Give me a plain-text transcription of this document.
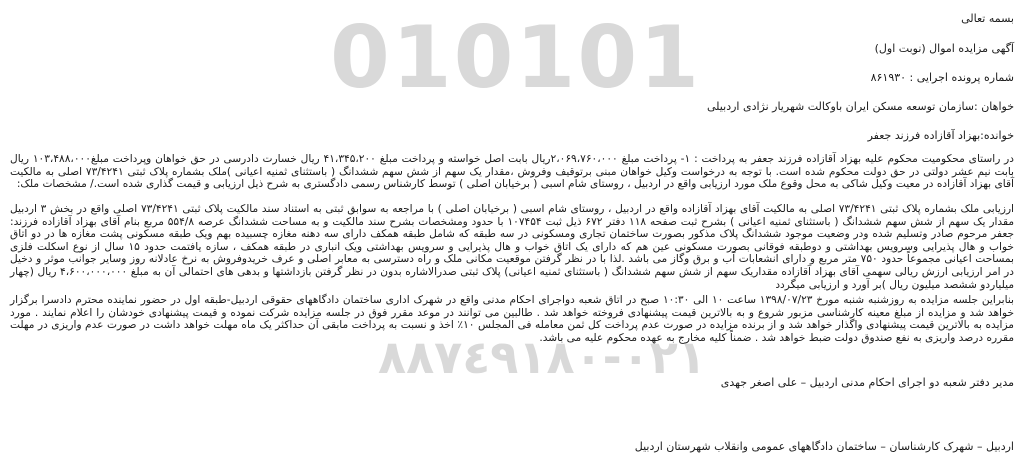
010101
٠٢١-٨٨٧٤٩١٨٠
بسمه تعالی
آگهی مزایده اموال (نوبت اول)
شماره پرونده اجرایی : ۸۶۱۹۳۰
خواهان :سازمان توسعه مسکن ایران باوکالت شهریار نژادی اردبیلی
خوانده:بهزاد آقازاده فرزند جعفر
در راستای محکومیت محکوم علیه بهزاد آقازاده فرزند جعفر به پرداخت : ۱- پرداخت مبلغ ۲،۰۶۹،۷۶۰،۰۰۰ریال بابت اصل خواسته و پرداخت مبلغ ۴۱،۳۴۵،۲۰۰ ریال خسارت دادرسی در حق خواهان وپرداخت مبلغ۱۰۳،۴۸۸،۰۰۰ ریال بابت نیم عشر دولتی در حق دولت محکوم شده است. با توجه به درخواست وکیل خواهان مبنی برتوقیف وفروش ،مقدار یک سهم از شش سهم ششدانگ ( باستثنای ثمنیه اعیانی )ملک بشماره پلاک ثبتی ۷۳/۴۲۴۱ اصلی به مالکیت آقای بهزاد آقازاده در معیت وکیل شاکی به محل وقوع ملک مورد ارزیابی واقع در اردبیل ، روستای شام اسبی ( برخیابان اصلی ) توسط کارشناس رسمی دادگستری به شرح ذیل ارزیابی و قیمت گذاری شده است./ مشخصات ملک:
ارزیابی ملک بشماره پلاک ثبتی ۷۳/۴۲۴۱ اصلی به مالکیت آقای بهزاد آقازاده واقع در اردبیل ، روستای شام اسبی ( برخیابان اصلی ) با مراجعه به سوابق ثبتی به استناد سند مالکیت پلاک ثبتی ۷۳/۴۲۴۱ اصلی واقع در بخش ۳ اردبیل مقدار یک سهم از شش سهم ششدانگ ( باستثنای ثمنیه اعیانی ) بشرح ثبت صفحه ۱۱۸ دفتر ۶۷۲ ذیل ثبت ۱۰۷۴۵۴ با حدود ومشخصات بشرح سند مالکیت و به مساحت ششدانگ عرصه ۵۵۴/۸ مربع بنام آقای بهزاد آقازاده فرزند: جعفر مرحوم صادر وتسلیم شده ودر وضعیت موجود ششدانگ پلاک مذکور بصورت ساختمان تجاری ومسکونی در سه طبقه که شامل طبقه همکف دارای سه دهنه مغازه چسبیده بهم ویک طبقه مسکونی پشت مغازه ها در دو اتاق خواب و هال پذیرایی وسرویس بهداشتی و دوطبقه فوقانی بصورت مسکونی عین هم که دارای یک اتاق خواب و هال پذیرایی و سرویس بهداشتی ویک انباری در طبقه همکف ، سازه یافتمت حدود ۱۵ سال از نوع اسکلت فلزی بمساحت اعیانی مجموعاً حدود ۷۵۰ متر مربع و دارای انشعابات آب و برق وگاز می باشد .لذا با در نظر گرفتن موقعیت مکانی ملک و راه دسترسی به معابر اصلی و عرف خریدوفروش به نرخ عادلانه روز وسایر جوانب موثر و دخیل در امر ارزیابی ارزش ریالی سهمی آقای بهزاد آقازاده مقداریک سهم از شش سهم ششدانگ ( باستثنای ثمنیه اعیانی) پلاک ثبتی صدرالاشاره بدون در نظر گرفتن بازداشتها و بدهی های احتمالی آن به مبلغ ۴،۶۰۰،۰۰۰،۰۰۰ ریال (چهار میلیاردو ششصد میلیون ریال )بر آورد و ارزیابی میگردد
بنابراین جلسه مزایده به روزشنبه شنبه مورخ ۱۳۹۸/۰۷/۲۳ ساعت ۱۰ الی ۱۰:۳۰ صبح در اتاق شعبه دواجرای احکام مدنی واقع در شهرک اداری ساختمان دادگاههای حقوقی اردبیل-طبقه اول در حضور نماینده محترم دادسرا برگزار خواهد شد و مزایده از مبلغ معینه کارشناسی مزبور شروع و به بالاترین قیمت پیشنهادی فروخته خواهد شد . طالبین می توانند در موعد مقرر فوق در جلسه مزایده شرکت نموده و قیمت پیشنهادی خودشان را اعلام نمایند . مورد مزایده به بالاترین قیمت پیشنهادی واگذار خواهد شد و از برنده مزایده در صورت عدم پرداخت کل ثمن معامله فی المجلس ۱۰٪ اخذ و نسبت به پرداخت مابقی آن حداکثر یک ماه مهلت خواهد داشت در صورت عدم واریزی در مهلت مقرره درصد واریزی به نفع صندوق دولت ضبط خواهد شد . ضمناً کلیه مخارج به عهده محکوم علیه می باشد.
مدیر دفتر شعبه دو اجرای احکام مدنی اردبیل – علی اصغر جهدی
اردبیل – شهرک کارشناسان – ساختمان دادگاههای عمومی وانقلاب شهرستان اردبیل
